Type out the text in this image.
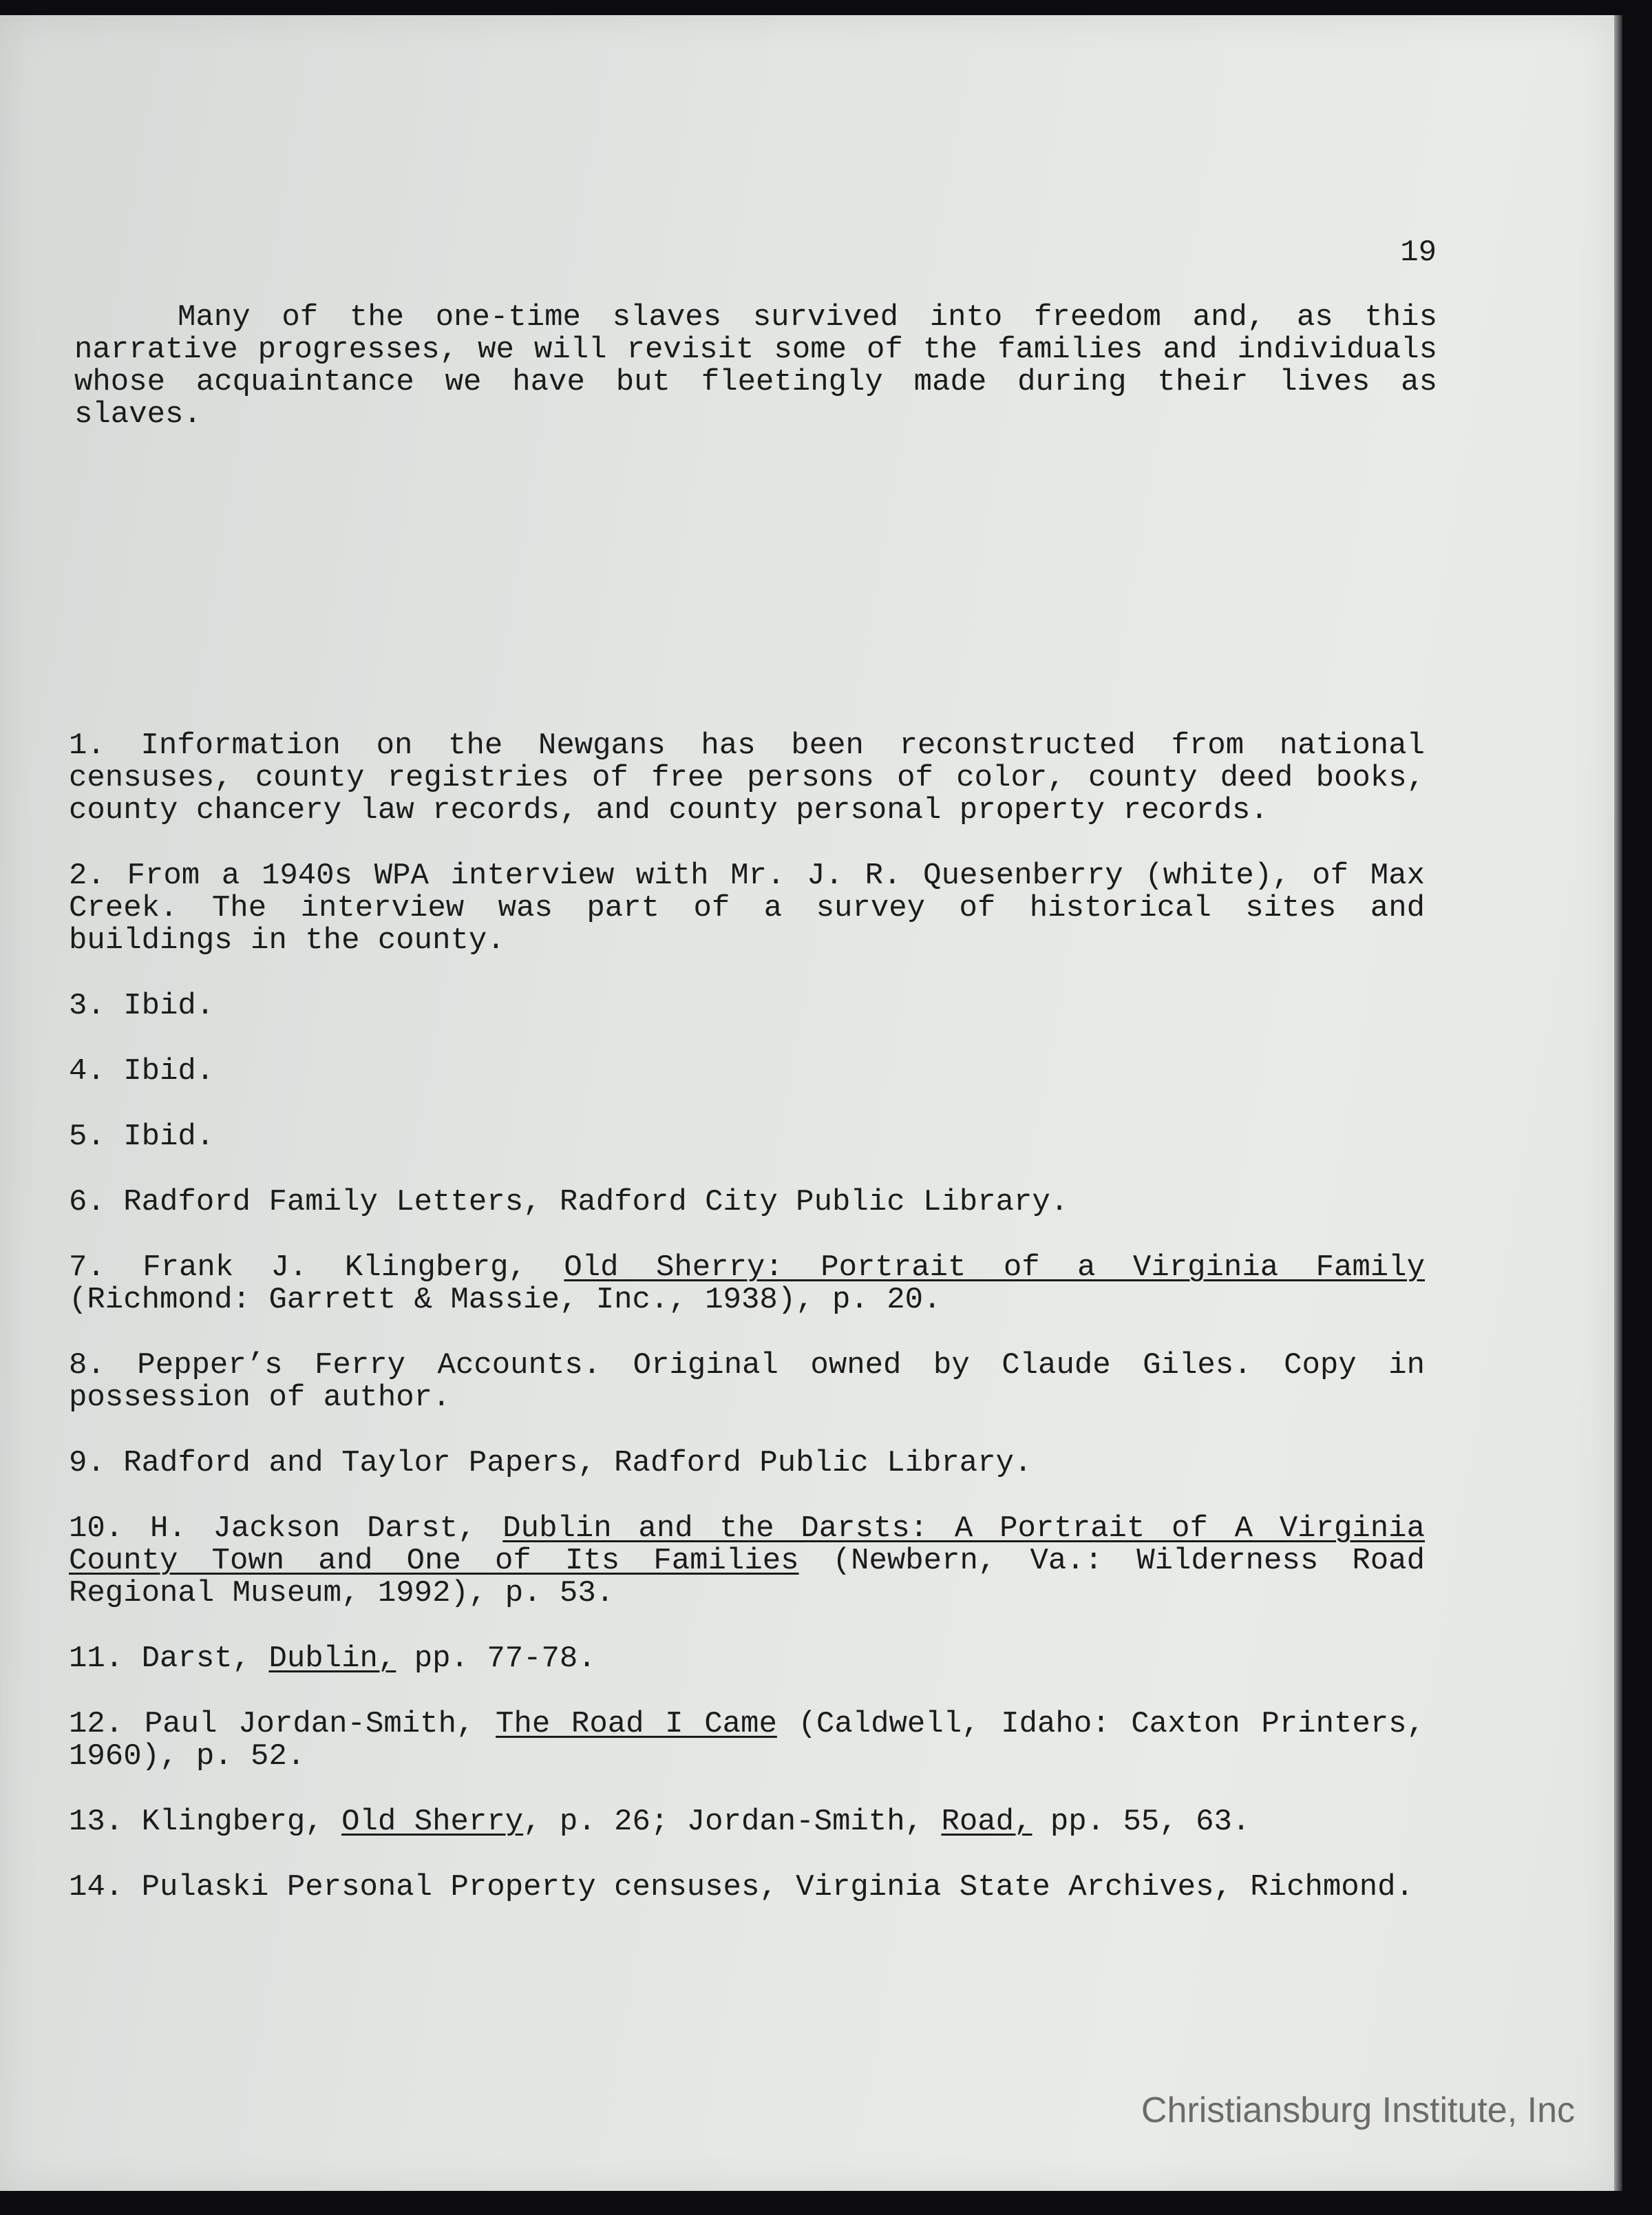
19

Many of the one-time slaves survived into freedom and, as this narrative progresses, we will revisit some of the families and individuals whose acquaintance we have but fleetingly made during their lives as slaves.

1. Information on the Newgans has been reconstructed from national censuses, county registries of free persons of color, county deed books, county chancery law records, and county personal property records.
2. From a 1940s WPA interview with Mr. J. R. Quesenberry (white), of Max Creek. The interview was part of a survey of historical sites and buildings in the county.
3. Ibid.
4. Ibid.
5. Ibid.
6. Radford Family Letters, Radford City Public Library.
7. Frank J. Klingberg, Old Sherry: Portrait of a Virginia Family (Richmond: Garrett & Massie, Inc., 1938), p. 20.
8. Pepper’s Ferry Accounts. Original owned by Claude Giles. Copy in possession of author.
9. Radford and Taylor Papers, Radford Public Library.
10. H. Jackson Darst, Dublin and the Darsts: A Portrait of A Virginia County Town and One of Its Families (Newbern, Va.: Wilderness Road Regional Museum, 1992), p. 53.
11. Darst, Dublin, pp. 77-78.
12. Paul Jordan-Smith, The Road I Came (Caldwell, Idaho: Caxton Printers, 1960), p. 52.
13. Klingberg, Old Sherry, p. 26; Jordan-Smith, Road, pp. 55, 63.
14. Pulaski Personal Property censuses, Virginia State Archives, Richmond.
Christiansburg Institute, Inc
